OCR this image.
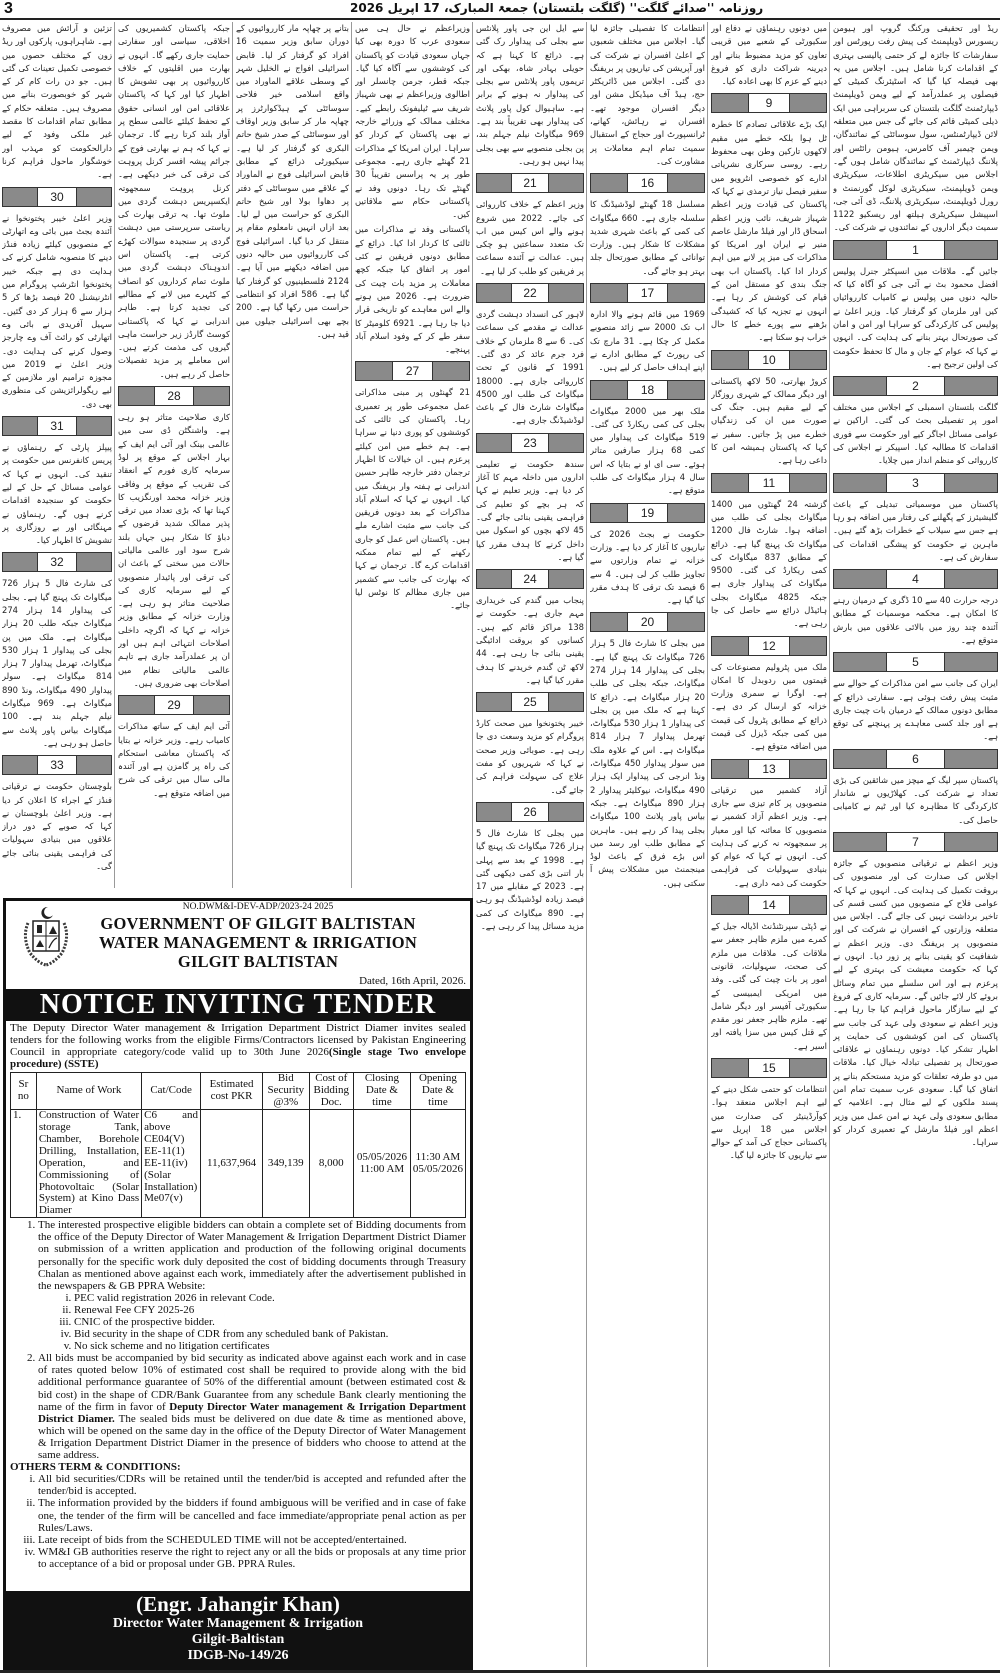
3	روزنامہ ''صدائے گلگت'' (گلگت بلتستان) جمعۃ المبارک، 17 اپریل 2026

ریڈ اور تحقیقی ورکنگ گروپ اور ہیومن ریسورس ڈویلپمنٹ کی پیش رفت رپورٹس اور سفارشات کا جائزہ لے کر حتمی پالیسی بہتری کے اقدامات کرنا شامل ہیں۔ اجلاس میں یہ بھی فیصلہ کیا گیا کہ اسٹیئرنگ کمیٹی کے فیصلوں پر عملدرآمد کے لیے ویمن ڈویلپمنٹ ڈیپارٹمنٹ گلگت بلتستان کی سربراہی میں ایک ذیلی کمیٹی قائم کی جائے گی جس میں متعلقہ لائن ڈیپارٹمنٹس، سول سوسائٹی کے نمائندگان، ویمن چیمبر آف کامرس، ہیومن رائٹس اور پلاننگ ڈیپارٹمنٹ کے نمائندگان شامل ہوں گے۔ اجلاس میں سیکریٹری اطلاعات، سیکریٹری ویمن ڈویلپمنٹ، سیکریٹری لوکل گورنمنٹ و رورل ڈویلپمنٹ، سیکریٹری پلاننگ، ڈی آئی جی، اسپیشل سیکریٹری ہیلتھ اور ریسکیو 1122 سمیت دیگر اداروں کے نمائندوں نے شرکت کی۔

1

جائیں گے۔ ملاقات میں انسپکٹر جنرل پولیس افضل محمود بٹ نے آئی جی کو آگاہ کیا کہ حالیہ دنوں میں پولیس نے کامیاب کارروائیاں کیں اور ملزمان کو گرفتار کیا۔ وزیر اعلیٰ نے پولیس کی کارکردگی کو سراہا اور امن و امان کی صورتحال بہتر بنانے کی ہدایت کی۔ انہوں نے کہا کہ عوام کے جان و مال کا تحفظ حکومت کی اولین ترجیح ہے۔

2

گلگت بلتستان اسمبلی کے اجلاس میں مختلف امور پر تفصیلی بحث کی گئی۔ اراکین نے عوامی مسائل اجاگر کیے اور حکومت سے فوری اقدامات کا مطالبہ کیا۔ اسپیکر نے اجلاس کی کارروائی کو منظم انداز میں چلایا۔

3

پاکستان میں موسمیاتی تبدیلی کے باعث گلیشیئرز کے پگھلنے کی رفتار میں اضافہ ہو رہا ہے جس سے سیلاب کے خطرات بڑھ گئے ہیں۔ ماہرین نے حکومت کو پیشگی اقدامات کی سفارش کی ہے۔

4

درجہ حرارت 40 سے 10 ڈگری کے درمیان رہنے کا امکان ہے۔ محکمہ موسمیات کے مطابق آئندہ چند روز میں بالائی علاقوں میں بارش متوقع ہے۔

5

ایران کی جانب سے امن مذاکرات کے حوالے سے مثبت پیش رفت ہوئی ہے۔ سفارتی ذرائع کے مطابق دونوں ممالک کے درمیان بات چیت جاری ہے اور جلد کسی معاہدے پر پہنچنے کی توقع ہے۔

6

پاکستان سپر لیگ کے میچز میں شائقین کی بڑی تعداد نے شرکت کی۔ کھلاڑیوں نے شاندار کارکردگی کا مظاہرہ کیا اور ٹیم نے کامیابی حاصل کی۔

7

وزیر اعظم نے ترقیاتی منصوبوں کے جائزہ اجلاس کی صدارت کی اور منصوبوں کی بروقت تکمیل کی ہدایت کی۔ انہوں نے کہا کہ عوامی فلاح کے منصوبوں میں کسی قسم کی تاخیر برداشت نہیں کی جائے گی۔ اجلاس میں متعلقہ وزارتوں کے افسران نے شرکت کی اور منصوبوں پر بریفنگ دی۔ وزیر اعظم نے شفافیت کو یقینی بنانے پر زور دیا۔ انہوں نے کہا کہ حکومت معیشت کی بہتری کے لیے پرعزم ہے اور اس سلسلے میں تمام وسائل بروئے کار لائے جائیں گے۔ سرمایہ کاری کے فروغ کے لیے سازگار ماحول فراہم کیا جا رہا ہے۔ وزیر اعظم نے سعودی ولی عہد کی جانب سے پاکستان کی امن کوششوں کی حمایت پر اظہار تشکر کیا۔ دونوں رہنماؤں نے علاقائی صورتحال پر تفصیلی تبادلہ خیال کیا۔ ملاقات میں دو طرفہ تعلقات کو مزید مستحکم بنانے پر اتفاق کیا گیا۔ سعودی عرب سمیت تمام امن پسند ملکوں کے لیے مثال ہے۔ اعلامیہ کے مطابق سعودی ولی عہد نے امن عمل میں وزیر اعظم اور فیلڈ مارشل کے تعمیری کردار کو سراہا۔

میں دونوں رہنماؤں نے دفاع اور سکیورٹی کے شعبے میں قریبی تعاون کو مزید مضبوط بنانے اور دیرینہ شراکت داری کو فروغ دینے کے عزم کا بھی اعادہ کیا۔

9

ایک بڑے علاقائی تصادم کا خطرہ ٹل ہوا بلکہ خطے میں مقیم لاکھوں تارکین وطن بھی محفوظ رہے۔ روسی سرکاری نشریاتی ادارے کو خصوصی انٹرویو میں سفیر فیصل نیاز ترمذی نے کہا کہ پاکستان کی قیادت وزیر اعظم شہباز شریف، نائب وزیر اعظم اسحاق ڈار اور فیلڈ مارشل عاصم منیر نے ایران اور امریکا کو مذاکرات کی میز پر لانے میں اہم کردار ادا کیا۔ پاکستان اب بھی جنگ بندی کو مستقل امن کے قیام کی کوشش کر رہا ہے۔ انہوں نے تجزیہ کیا کہ کشیدگی بڑھنے سے پورے خطے کا حال خراب ہو سکتا ہے۔

10

کروڑ بھارتی، 50 لاکھ پاکستانی اور دیگر ممالک کے شہری روزگار کے لیے مقیم ہیں۔ جنگ کی صورت میں ان کی زندگیاں خطرے میں پڑ جاتیں۔ سفیر نے کہا کہ پاکستان ہمیشہ امن کا داعی رہا ہے۔

11

گزشتہ 24 گھنٹوں میں 1400 میگاواٹ بجلی کی طلب میں اضافہ ہوا۔ شارٹ فال 1200 میگاواٹ تک پہنچ گیا ہے۔ ذرائع کے مطابق 837 میگاواٹ کی کمی ریکارڈ کی گئی۔ 9500 میگاواٹ کی پیداوار جاری ہے جبکہ 4825 میگاواٹ بجلی ہائیڈل ذرائع سے حاصل کی جا رہی ہے۔

12

ملک میں پٹرولیم مصنوعات کی قیمتوں میں ردوبدل کا امکان ہے۔ اوگرا نے سمری وزارت خزانہ کو ارسال کر دی ہے۔ ذرائع کے مطابق پٹرول کی قیمت میں کمی جبکہ ڈیزل کی قیمت میں اضافہ متوقع ہے۔

13

آزاد کشمیر میں ترقیاتی منصوبوں پر کام تیزی سے جاری ہے۔ وزیر اعظم آزاد کشمیر نے منصوبوں کا معائنہ کیا اور معیار پر سمجھوتہ نہ کرنے کی ہدایت کی۔ انہوں نے کہا کہ عوام کو بنیادی سہولیات کی فراہمی حکومت کی ذمہ داری ہے۔

14

نے ڈپٹی سپرنٹنڈنٹ اڈیالہ جیل کے کمرے میں ملزم ظاہر جعفر سے ملاقات کی۔ ملاقات میں ملزم کی صحت، سہولیات، قانونی امور پر بات چیت کی گئی۔ وفد میں امریکی ایمبیسی کے سکیورٹی آفیسر اور دیگر شامل تھے۔ ملزم ظاہر جعفر نور مقدم کے قتل کیس میں سزا یافتہ اور اسیر ہے۔

15

انتظامات کو حتمی شکل دینے کے لیے اہم اجلاس منعقد ہوا۔ کوآرڈینیٹر کی صدارت میں اجلاس میں 18 اپریل سے پاکستانی حجاج کی آمد کے حوالے سے تیاریوں کا جائزہ لیا گیا۔

انتظامات کا تفصیلی جائزہ لیا گیا۔ اجلاس میں مختلف شعبوں کے اعلیٰ افسران نے شرکت کی اور آپریشن کی تیاریوں پر بریفنگ دی گئی۔ اجلاس میں ڈائریکٹر حج، ہیڈ آف میڈیکل مشن اور دیگر افسران موجود تھے۔ افسران نے رہائش، کھانے، ٹرانسپورٹ اور حجاج کے استقبال سمیت تمام اہم معاملات پر مشاورت کی۔

16

مسلسل 18 گھنٹے لوڈشیڈنگ کا سلسلہ جاری ہے۔ 660 میگاواٹ کی کمی کے باعث شہری شدید مشکلات کا شکار ہیں۔ وزارت توانائی کے مطابق صورتحال جلد بہتر ہو جائے گی۔

17

1969 میں قائم ہونے والا ادارہ اب تک 2000 سے زائد منصوبے مکمل کر چکا ہے۔ 31 مارچ تک کی رپورٹ کے مطابق ادارے نے اپنے اہداف حاصل کر لیے ہیں۔

18

ملک بھر میں 2000 میگاواٹ بجلی کی کمی ریکارڈ کی گئی۔ 519 میگاواٹ کی پیداوار میں کمی 68 ہزار صارفین متاثر ہوئے۔ سی ای او نے بتایا کہ اس سال 4 ہزار میگاواٹ کی طلب متوقع ہے۔

19

حکومت نے بجٹ 2026 کی تیاریوں کا آغاز کر دیا ہے۔ وزارت خزانہ نے تمام وزارتوں سے تجاویز طلب کر لی ہیں۔ 4 سے 6 فیصد تک ترقی کا ہدف مقرر کیا گیا ہے۔

20

میں بجلی کا شارٹ فال 5 ہزار 726 میگاواٹ تک پہنچ گیا ہے۔ بجلی کی پیداوار 14 ہزار 274 میگاواٹ، جبکہ بجلی کی طلب 20 ہزار میگاواٹ ہے۔ ذرائع کا کہنا ہے کہ ملک میں پن بجلی کی پیداوار 1 ہزار 530 میگاواٹ، تھرمل پیداوار 7 ہزار 814 میگاواٹ ہے۔ اس کے علاوہ ملک میں سولر پیداوار 450 میگاواٹ، ونڈ انرجی کی پیداوار ایک ہزار 490 میگاواٹ، نیوکلیئر پیداوار 2 ہزار 890 میگاواٹ ہے۔ جبکہ بیاس پاور پلانٹ 100 میگاواٹ بجلی پیدا کر رہے ہیں۔ ماہرین کے مطابق طلب اور رسد میں اس بڑے فرق کے باعث لوڈ مینجمنٹ میں مشکلات پیش آ سکتی ہیں۔

سے ایل این جی پاور پلانٹس سے بجلی کی پیداوار رک گئی ہے۔ ذرائع کا کہنا ہے کہ حویلی بہادر شاہ، بھکی اور تریموں پاور پلانٹس سے بجلی کی پیداوار نہ ہونے کے برابر ہے۔ ساہیوال کول پاور پلانٹ کی پیداوار بھی تقریباً بند ہے۔ 969 میگاواٹ نیلم جہلم بند، پن بجلی منصوبے سے بھی بجلی پیدا نہیں ہو رہی۔

21

وزیر اعظم کے خلاف کارروائی کی جائے۔ 2022 میں شروع ہونے والے اس کیس میں اب تک متعدد سماعتیں ہو چکی ہیں۔ عدالت نے آئندہ سماعت پر فریقین کو طلب کر لیا ہے۔

22

لاہور کی انسداد دہشت گردی عدالت نے مقدمے کی سماعت کی۔ 6 سے 8 ملزمان کے خلاف فرد جرم عائد کر دی گئی۔ 1991 کے قانون کے تحت کارروائی جاری ہے۔ 18000 میگاواٹ کی طلب اور 4500 میگاواٹ شارٹ فال کے باعث لوڈشیڈنگ جاری ہے۔

23

سندھ حکومت نے تعلیمی اداروں میں داخلہ مہم کا آغاز کر دیا ہے۔ وزیر تعلیم نے کہا کہ ہر بچے کو تعلیم کی فراہمی یقینی بنائی جائے گی۔ 45 لاکھ بچوں کو اسکول میں داخل کرنے کا ہدف مقرر کیا گیا ہے۔

24

پنجاب میں گندم کی خریداری مہم جاری ہے۔ حکومت نے 138 مراکز قائم کیے ہیں۔ کسانوں کو بروقت ادائیگی یقینی بنائی جا رہی ہے۔ 44 لاکھ ٹن گندم خریدنے کا ہدف مقرر کیا گیا ہے۔

25

خیبر پختونخوا میں صحت کارڈ پروگرام کو مزید وسعت دی جا رہی ہے۔ صوبائی وزیر صحت نے کہا کہ شہریوں کو مفت علاج کی سہولت فراہم کی جائے گی۔

26

میں بجلی کا شارٹ فال 5 ہزار 726 میگاواٹ تک پہنچ گیا ہے۔ 1998 کے بعد سے پہلی بار اتنی بڑی کمی دیکھی گئی ہے۔ 2023 کے مقابلے میں 17 فیصد زیادہ لوڈشیڈنگ ہو رہی ہے۔ 890 میگاواٹ کی کمی مزید مسائل پیدا کر رہی ہے۔

وزیراعظم نے حال ہی میں سعودی عرب کا دورہ بھی کیا جہاں سعودی قیادت کو پاکستان کی کوششوں سے آگاہ کیا گیا۔ جبکہ قطر، جرمن چانسلر اور اطالوی وزیراعظم نے بھی شہباز شریف سے ٹیلیفونک رابطے کیے۔ مختلف ممالک کے وزرائے خارجہ نے بھی پاکستان کے کردار کو سراہا۔ ایران امریکا کے مذاکرات 21 گھنٹے جاری رہے۔ مجموعی طور پر یہ پراسس تقریباً 30 گھنٹے تک رہا۔ دونوں وفد نے پاکستانی حکام سے ملاقاتیں کیں۔

پاکستانی وفد نے مذاکرات میں ثالثی کا کردار ادا کیا۔ ذرائع کے مطابق دونوں فریقین نے کئی امور پر اتفاق کیا جبکہ کچھ معاملات پر مزید بات چیت کی ضرورت ہے۔ 2026 میں ہونے والے اس معاہدے کو تاریخی قرار دیا جا رہا ہے۔ 6921 کلومیٹر کا سفر طے کر کے وفود اسلام آباد پہنچے۔

27

21 گھنٹوں پر مبنی مذاکراتی عمل مجموعی طور پر تعمیری رہا۔ پاکستان کی ثالثی کی کوششوں کو پوری دنیا نے سراہا ہے۔ ہم خطے میں امن کیلئے پرعزم ہیں۔ ان خیالات کا اظہار ترجمان دفتر خارجہ طاہر حسین اندرابی نے ہفتہ وار بریفنگ میں کیا۔ انہوں نے کہا کہ اسلام آباد مذاکرات کے بعد دونوں فریقین کی جانب سے مثبت اشارے ملے ہیں۔ پاکستان اس عمل کو جاری رکھنے کے لیے تمام ممکنہ اقدامات کرے گا۔ ترجمان نے کہا کہ بھارت کی جانب سے کشمیر میں جاری مظالم کا نوٹس لیا جائے۔

بتانے پر چھاپہ مار کارروائیوں کے دوران سابق وزیر سمیت 16 افراد کو گرفتار کر لیا۔ قابض اسرائیلی افواج نے الخلیل شہر کے وسطی علاقے الماوراد میں واقع اسلامی خیر فلاحی سوسائٹی کے ہیڈکوارٹرز پر چھاپہ مار کر سابق وزیر اوقاف اور سوسائٹی کے صدر شیخ حاتم البکری کو گرفتار کر لیا ہے۔ سیکیورٹی ذرائع کے مطابق قابض اسرائیلی فوج نے الماوراد کے علاقے میں سوسائٹی کے دفتر پر دھاوا بولا اور شیخ حاتم البکری کو حراست میں لے لیا۔ بعد ازاں انہیں نامعلوم مقام پر منتقل کر دیا گیا۔ اسرائیلی فوج کی کارروائیوں میں حالیہ دنوں میں اضافہ دیکھنے میں آیا ہے۔ 2124 فلسطینیوں کو گرفتار کیا گیا ہے۔ 586 افراد کو انتظامی حراست میں رکھا گیا ہے۔ 200 بچے بھی اسرائیلی جیلوں میں قید ہیں۔

جبکہ پاکستان کشمیریوں کی اخلاقی، سیاسی اور سفارتی حمایت جاری رکھے گا۔ انہوں نے بھارت میں اقلیتوں کے خلاف کارروائیوں پر بھی تشویش کا اظہار کیا اور کہا کہ پاکستان علاقائی امن اور انسانی حقوق کے تحفظ کیلئے عالمی سطح پر آواز بلند کرتا رہے گا۔ ترجمان نے کہا کہ ہم نے بھارتی فوج کے جرائم پیشہ افسر کرنل پروہت کی ترقی کی خبر دیکھی ہے۔ کرنل پروہت سمجھوتہ ایکسپریس دہشت گردی میں ملوث تھا۔ یہ ترقی بھارت کی ریاستی سرپرستی میں دہشت گردی پر سنجیدہ سوالات کھڑے کرتی ہے۔ پاکستان اس اندوہناک دہشت گردی میں ملوث تمام کرداروں کو انصاف کے کٹہرے میں لانے کے مطالبے کی تجدید کرتا ہے۔ طاہر اندرابی نے کہا کہ پاکستانی کوسٹ گارڈز زیر حراست ماہی گیروں کی مذمت کرتے ہیں۔ اس معاملے پر مزید تفصیلات حاصل کر رہے ہیں۔

28

کاری صلاحیت متاثر ہو رہی ہے۔ واشنگٹن ڈی سی میں عالمی بینک اور آئی ایم ایف کے بہار اجلاس کے موقع پر لوڈ سرمایہ کاری فورم کے انعقاد کی تقریب کے موقع پر وفاقی وزیر خزانہ محمد اورنگزیب کا کہنا تھا کہ بڑی تعداد میں ترقی پذیر ممالک شدید قرضوں کے دباؤ کا شکار ہیں جہاں بلند شرح سود اور عالمی مالیاتی حالات میں سختی کے باعث ان کی ترقی اور پائیدار منصوبوں کے لیے سرمایہ کاری کی صلاحیت متاثر ہو رہی ہے۔ وزارت خزانہ کے مطابق وزیر خزانہ نے کہا کہ اگرچہ داخلی اصلاحات انتہائی اہم ہیں اور ان پر عملدرآمد جاری ہے تاہم عالمی مالیاتی نظام میں اصلاحات بھی ضروری ہیں۔

29

آئی ایم ایف کے ساتھ مذاکرات کامیاب رہے۔ وزیر خزانہ نے بتایا کہ پاکستان معاشی استحکام کی راہ پر گامزن ہے اور آئندہ مالی سال میں ترقی کی شرح میں اضافہ متوقع ہے۔

تزئین و آرائش میں مصروف ہے۔ شاہراہوں، پارکوں اور ریڈ زون کے مختلف حصوں میں خصوصی تکمیل تعینات کی گئی ہیں۔ جو دن رات کام کر کے شہر کو خوبصورت بنانے میں مصروف ہیں۔ متعلقہ حکام کے مطابق تمام اقدامات کا مقصد غیر ملکی وفود کے لیے دارالحکومت کو مہذب اور خوشگوار ماحول فراہم کرنا ہے۔

30

وزیر اعلیٰ خیبر پختونخوا نے آئندہ بجٹ میں بائی وے اتھارٹی کے منصوبوں کیلئے زیادہ فنڈز دینے کا منصوبہ شامل کرنے کی ہدایت دی ہے جبکہ خیبر پختونخوا انٹرشپ پروگرام میں انٹرنیشنل 20 فیصد بڑھا کر 5 ہزار سے 6 ہزار کر دی گئیں۔ سہیل آفریدی نے بائی وے اتھارٹی کو رائٹ آف وے چارجز وصول کرنے کی ہدایت دی۔ وزیر اعلیٰ نے 2019 میں مجوزہ ترامیم اور ملازمین کے لیے ریگولرائزیشن کی منظوری بھی دی۔

31

پیپلز پارٹی کے رہنماؤں نے پریس کانفرنس میں حکومت پر تنقید کی۔ انہوں نے کہا کہ عوامی مسائل کے حل کے لیے حکومت کو سنجیدہ اقدامات کرنے ہوں گے۔ رہنماؤں نے مہنگائی اور بے روزگاری پر تشویش کا اظہار کیا۔

32

کی شارٹ فال 5 ہزار 726 میگاواٹ تک پہنچ گیا ہے۔ بجلی کی پیداوار 14 ہزار 274 میگاواٹ جبکہ طلب 20 ہزار میگاواٹ ہے۔ ملک میں پن بجلی کی پیداوار 1 ہزار 530 میگاواٹ، تھرمل پیداوار 7 ہزار 814 میگاواٹ ہے۔ سولر پیداوار 490 میگاواٹ، ونڈ 890 میگاواٹ ہے۔ 969 میگاواٹ نیلم جہلم بند ہے۔ 100 میگاواٹ بیاس پاور پلانٹ سے حاصل ہو رہی ہے۔

33

بلوچستان حکومت نے ترقیاتی فنڈز کے اجراء کا اعلان کر دیا ہے۔ وزیر اعلیٰ بلوچستان نے کہا کہ صوبے کے دور دراز علاقوں میں بنیادی سہولیات کی فراہمی یقینی بنائی جائے گی۔

NO.DWM&I-DEV-ADP/2023-24 2025
GOVERNMENT OF GILGIT BALTISTAN
WATER MANAGEMENT & IRRIGATION
GILGIT BALTISTAN
Dated, 16th April, 2026.
NOTICE INVITING TENDER
The Deputy Director Water management & Irrigation Department District Diamer invites sealed tenders for the following works from the eligible Firms/Contractors licensed by Pakistan Engineering Council in appropriate category/code valid up to 30th June 2026(Single stage Two envelope procedure) (SSTE)
Sr no	Name of Work	Cat/Code	Estimated cost PKR	Bid Security @3%	Cost of Bidding Doc.	Closing Date & time	Opening Date & time
1.	Construction of Water storage Tank, Chamber, Borehole Drilling, Installation, Operation, and Commissioning of Photovoltaic (Solar System) at Kino Dass Diamer	C6 and above CE04(V) EE-11(1) EE-11(iv) (Solar Installation) Me07(v)	11,637,964	349,139	8,000	05/05/2026 11:00 AM	11:30 AM 05/05/2026
1. The interested prospective eligible bidders can obtain a complete set of Bidding documents from the office of the Deputy Director of Water Management & Irrigation Department District Diamer on submission of a written application and production of the following original documents personally for the specific work duly deposited the cost of bidding documents through Treasury Chalan as mentioned above against each work, immediately after the advertisement published in the newspapers & GB PPRA Website:
i. PEC valid registration 2026 in relevant Code.
ii. Renewal Fee CFY 2025-26
iii. CNIC of the prospective bidder.
iv. Bid security in the shape of CDR from any scheduled bank of Pakistan.
v. No sick scheme and no litigation certificates
2. All bids must be accompanied by bid security as indicated above against each work and in case of rates quoted below 10% of estimated cost shall be required to provide along with the bid additional performance guarantee of 50% of the differential amount (between estimated cost & bid cost) in the shape of CDR/Bank Guarantee from any schedule Bank clearly mentioning the name of the firm in favor of Deputy Director Water management & Irrigation Department District Diamer. The sealed bids must be delivered on due date & time as mentioned above, which will be opened on the same day in the office of the Deputy Director of Water Management & Irrigation Department District Diamer in the presence of bidders who choose to attend at the same address.
OTHERS TERM & CONDITIONS:
i. All bid securities/CDRs will be retained until the tender/bid is accepted and refunded after the tender/bid is accepted.
ii. The information provided by the bidders if found ambiguous will be verified and in case of fake one, the tender of the firm will be cancelled and face immediate/appropriate penal action as per Rules/Laws.
iii. Late receipt of bids from the SCHEDULED TIME will not be accepted/entertained.
iv. WM&I GB authorities reserve the right to reject any or all the bids or proposals at any time prior to acceptance of a bid or proposal under GB. PPRA Rules.
(Engr. Jahangir Khan)
Director Water Management & Irrigation
Gilgit-Baltistan
IDGB-No-149/26
